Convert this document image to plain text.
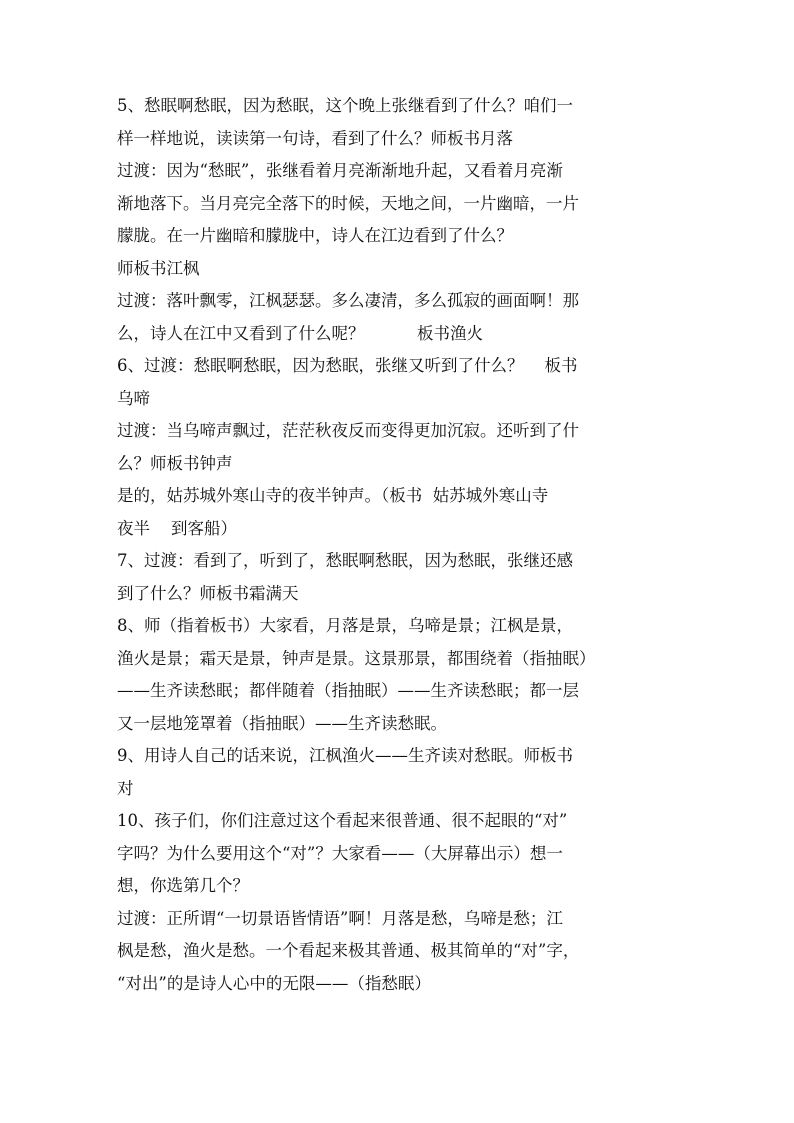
5、愁眠啊愁眠，因为愁眠，这个晚上张继看到了什么？咱们一
样一样地说，读读第一句诗，看到了什么？师板书月落
过渡：因为“愁眠”，张继看着月亮渐渐地升起，又看着月亮渐
渐地落下。当月亮完全落下的时候，天地之间，一片幽暗，一片
朦胧。在一片幽暗和朦胧中，诗人在江边看到了什么？
师板书江枫
过渡：落叶飘零，江枫瑟瑟。多么凄清，多么孤寂的画面啊！那
么，诗人在江中又看到了什么呢？          板书渔火
6、过渡：愁眠啊愁眠，因为愁眠，张继又听到了什么？    板书
乌啼
过渡：当乌啼声飘过，茫茫秋夜反而变得更加沉寂。还听到了什
么？师板书钟声
是的，姑苏城外寒山寺的夜半钟声。（板书  姑苏城外寒山寺
夜半    到客船）
7、过渡：看到了，听到了，愁眠啊愁眠，因为愁眠，张继还感
到了什么？师板书霜满天
8、师（指着板书）大家看，月落是景，乌啼是景；江枫是景，
渔火是景；霜天是景，钟声是景。这景那景，都围绕着（指抽眠）
——生齐读愁眠；都伴随着（指抽眠）——生齐读愁眠；都一层
又一层地笼罩着（指抽眠）——生齐读愁眠。
9、用诗人自己的话来说，江枫渔火——生齐读对愁眠。师板书
对
10、孩子们，你们注意过这个看起来很普通、很不起眼的“对”
字吗？为什么要用这个“对”？大家看——（大屏幕出示）想一
想，你选第几个？
过渡：正所谓“一切景语皆情语”啊！月落是愁，乌啼是愁；江
枫是愁，渔火是愁。一个看起来极其普通、极其简单的“对”字，
“对出”的是诗人心中的无限——（指愁眠）
